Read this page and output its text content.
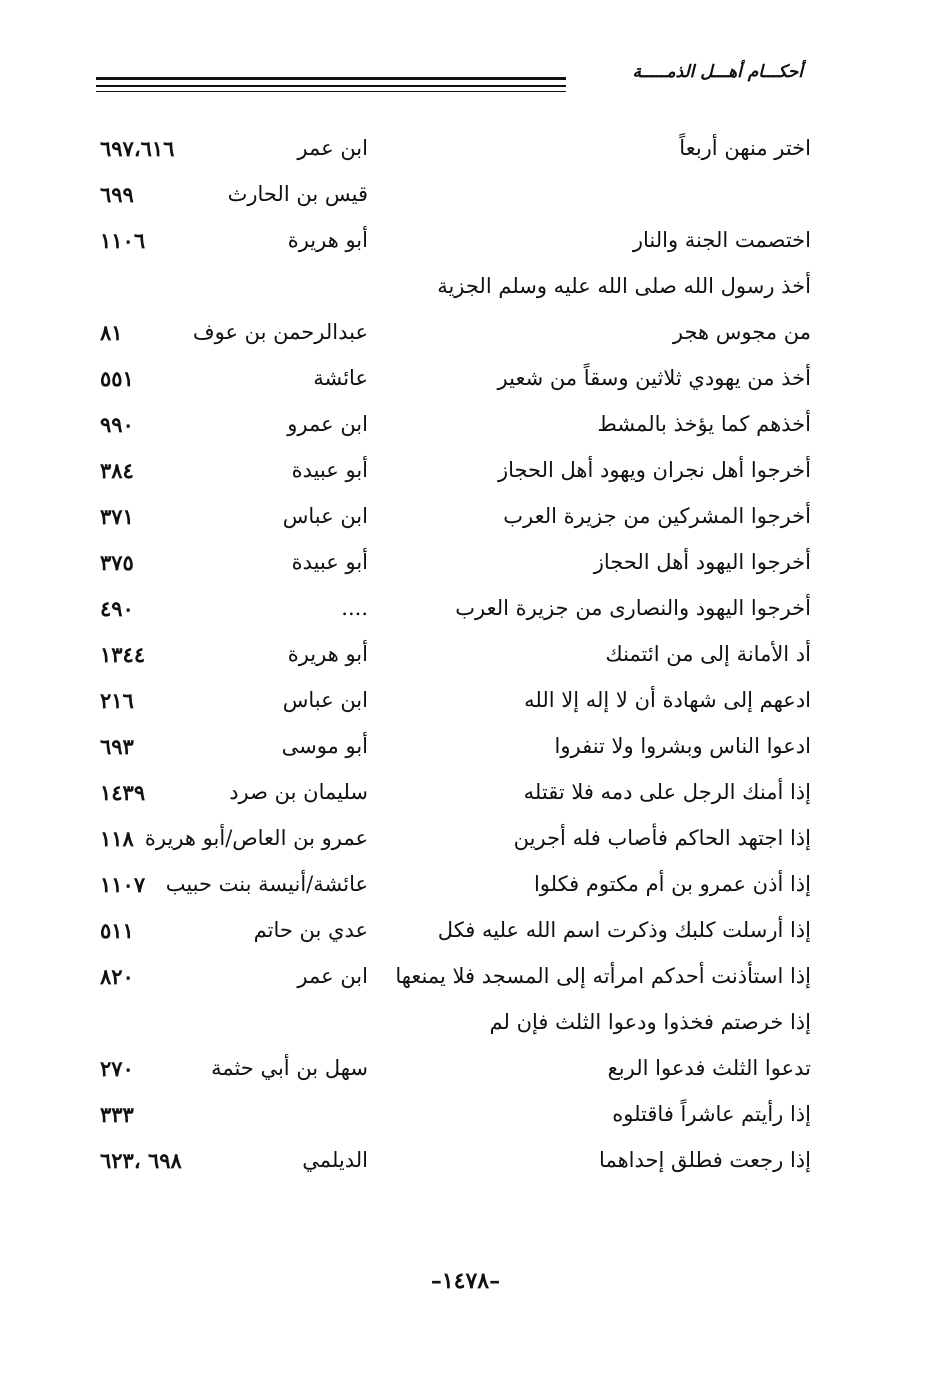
أحكـــام أهـــل الذمـــــة
اختر منهن أربعاً
ابن عمر
٦٩٧،٦١٦
قيس بن الحارث
٦٩٩
اختصمت الجنة والنار
أبو هريرة
١١٠٦
أخذ رسول الله صلى الله عليه وسلم الجزية
من مجوس هجر
عبدالرحمن بن عوف
٨١
أخذ من يهودي ثلاثين وسقاً من شعير
عائشة
٥٥١
أخذهم كما يؤخذ بالمشط
ابن عمرو
٩٩٠
أخرجوا أهل نجران ويهود أهل الحجاز
أبو عبيدة
٣٨٤
أخرجوا المشركين من جزيرة العرب
ابن عباس
٣٧١
أخرجوا اليهود أهل الحجاز
أبو عبيدة
٣٧٥
أخرجوا اليهود والنصارى من جزيرة العرب
....
٤٩٠
أد الأمانة إلى من ائتمنك
أبو هريرة
١٣٤٤
ادعهم إلى شهادة أن لا إله إلا الله
ابن عباس
٢١٦
ادعوا الناس وبشروا ولا تنفروا
أبو موسى
٦٩٣
إذا أمنك الرجل على دمه فلا تقتله
سليمان بن صرد
١٤٣٩
إذا اجتهد الحاكم فأصاب فله أجرين
عمرو بن العاص/أبو هريرة
١١٨
إذا أذن عمرو بن أم مكتوم فكلوا
عائشة/أنيسة بنت حبيب
١١٠٧
إذا أرسلت كلبك وذكرت اسم الله عليه فكل
عدي بن حاتم
٥١١
إذا استأذنت أحدكم امرأته إلى المسجد فلا يمنعها
ابن عمر
٨٢٠
إذا خرصتم فخذوا ودعوا الثلث فإن لم
تدعوا الثلث فدعوا الربع
سهل بن أبي حثمة
٢٧٠
إذا رأيتم عاشراً فاقتلوه
٣٣٣
إذا رجعت فطلق إحداهما
الديلمي
٦٩٨ ،٦٢٣
–١٤٧٨–
